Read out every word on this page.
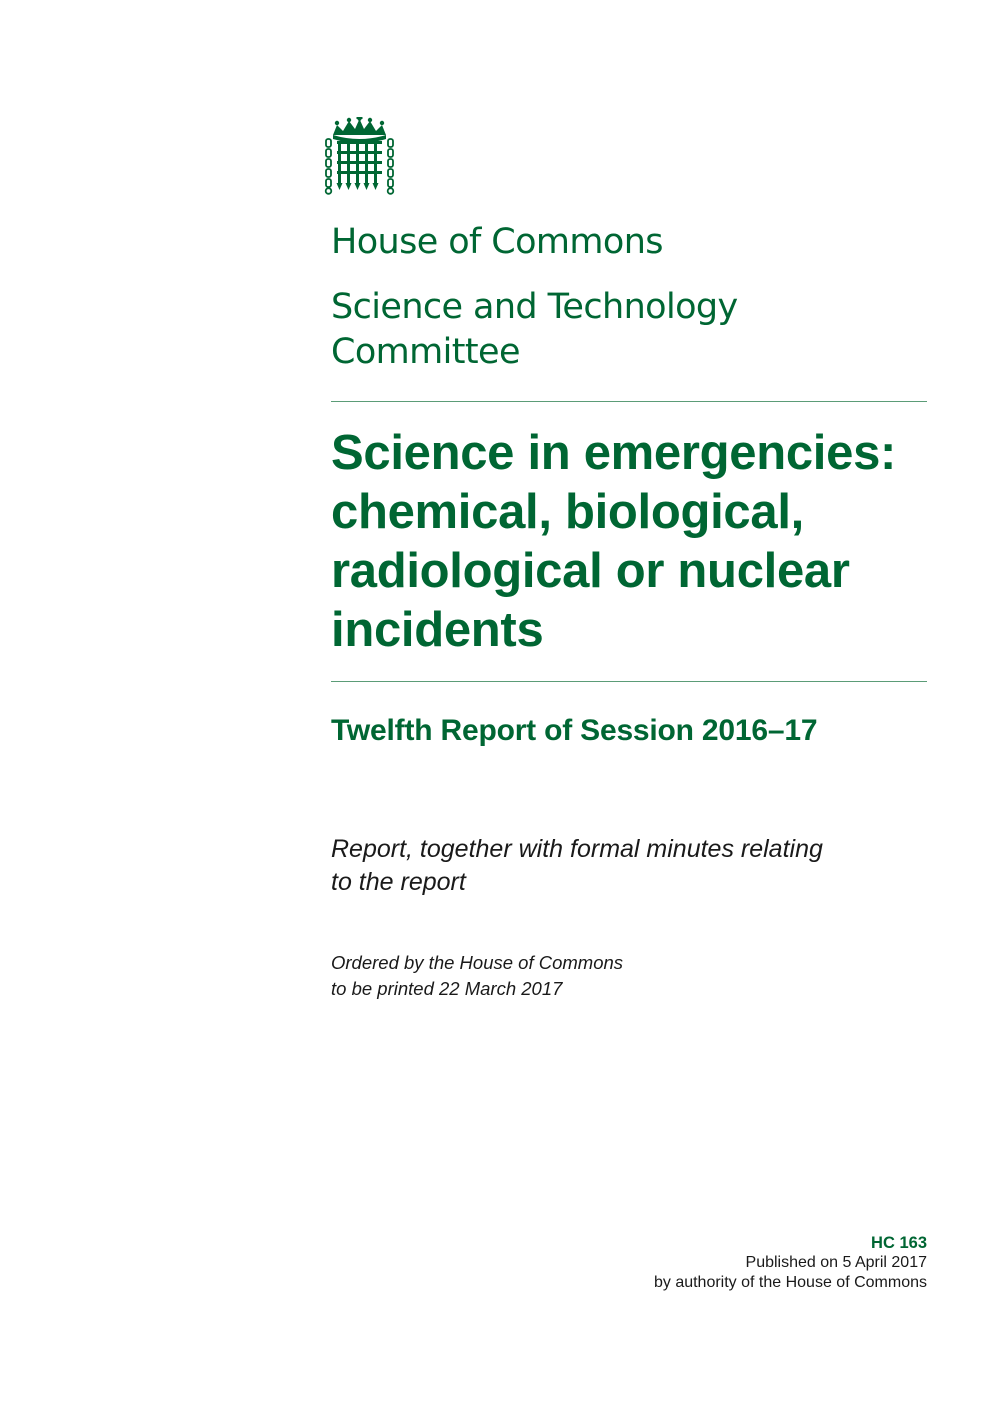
House of Commons
Science and Technology
Committee
Science in emergencies:
chemical, biological,
radiological or nuclear
incidents
Twelfth Report of Session 2016–17
Report, together with formal minutes relating
to the report
Ordered by the House of Commons
to be printed 22 March 2017
HC 163
Published on 5 April 2017
by authority of the House of Commons
